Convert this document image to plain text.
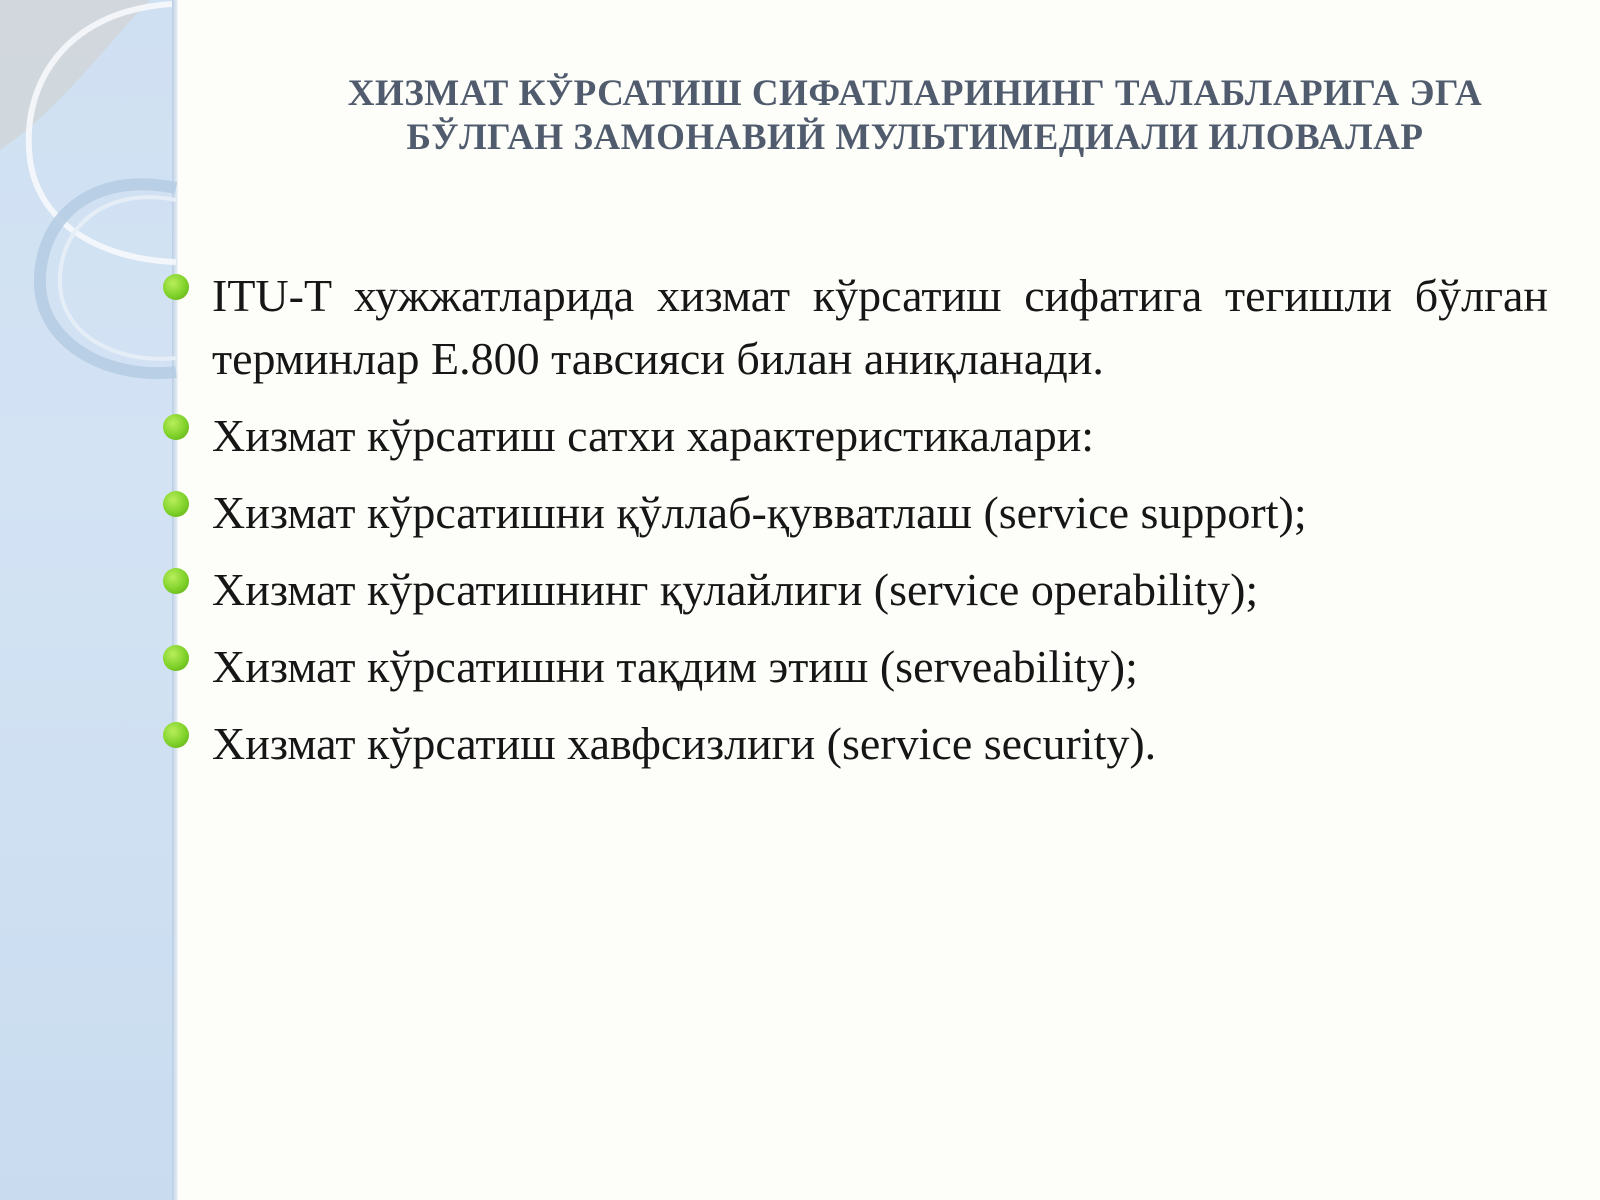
ХИЗМАТ КЎРСАТИШ СИФАТЛАРИНИНГ ТАЛАБЛАРИГА ЭГА БЎЛГАН ЗАМОНАВИЙ МУЛЬТИМЕДИАЛИ ИЛОВАЛАР
ITU-T хужжатларида хизмат кўрсатиш сифатига тегишли бўлган терминлар E.800 тавсияси билан аниқланади.
Хизмат кўрсатиш сатхи характеристикалари:
Хизмат кўрсатишни қўллаб-қувватлаш (service support);
Хизмат кўрсатишнинг қулайлиги (service operability);
Хизмат кўрсатишни тақдим этиш (serveability);
Хизмат кўрсатиш хавфсизлиги (service security).
